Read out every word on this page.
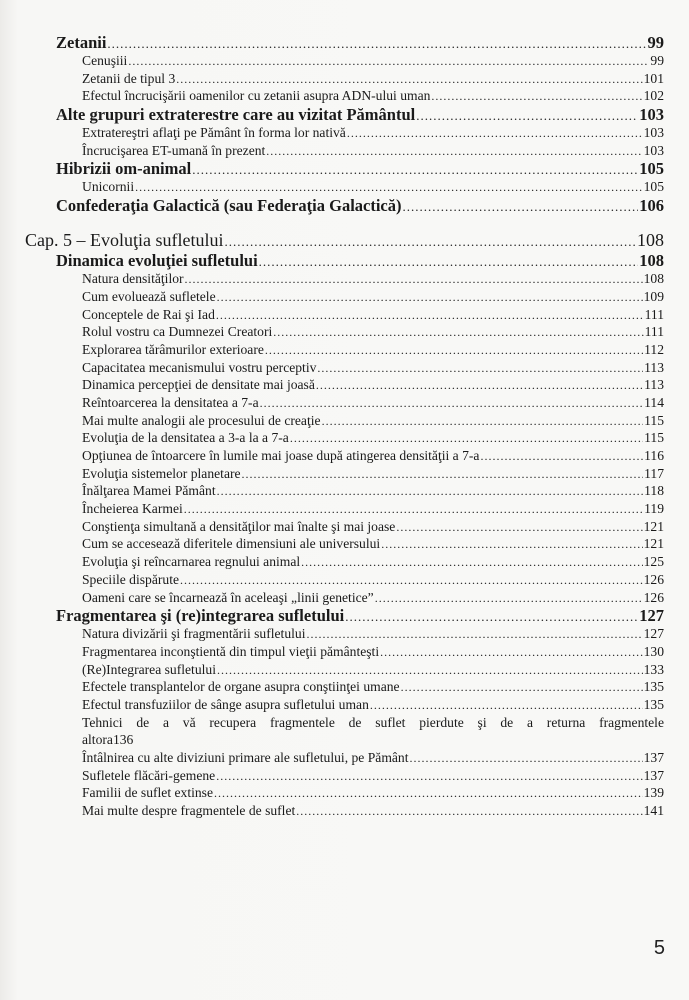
Zetanii .....	99
Cenuşiii .....	99
Zetanii de tipul 3 .....	101
Efectul încrucişării oamenilor cu zetanii asupra ADN-ului uman .....	102
Alte grupuri extraterestre care au vizitat Pământul .....	103
Extratereştri aflaţi pe Pământ în forma lor nativă .....	103
Încrucişarea ET-umană în prezent .....	103
Hibrizii om-animal .....	105
Unicornii .....	105
Confederaţia Galactică (sau Federaţia Galactică) .....	106
Cap. 5 – Evoluţia sufletului .....	108
Dinamica evoluţiei sufletului .....	108
Natura densităţilor .....	108
Cum evoluează sufletele .....	109
Conceptele de Rai şi Iad .....	111
Rolul vostru ca Dumnezei Creatori .....	111
Explorarea tărâmurilor exterioare .....	112
Capacitatea mecanismului vostru perceptiv .....	113
Dinamica percepţiei de densitate mai joasă .....	113
Reîntoarcerea la densitatea a 7-a .....	114
Mai multe analogii ale procesului de creaţie .....	115
Evoluţia de la densitatea a 3-a la a 7-a .....	115
Opţiunea de întoarcere în lumile mai joase după atingerea densităţii a 7-a .....	116
Evoluţia sistemelor planetare .....	117
Înălţarea Mamei Pământ .....	118
Încheierea Karmei .....	119
Conştienţa simultană a densităţilor mai înalte şi mai joase .....	121
Cum se accesează diferitele dimensiuni ale universului .....	121
Evoluţia şi reîncarnarea regnului animal .....	125
Speciile dispărute .....	126
Oameni care se încarnează în aceleaşi „linii genetice” .....	126
Fragmentarea şi (re)integrarea sufletului .....	127
Natura divizării şi fragmentării sufletului .....	127
Fragmentarea inconştientă din timpul vieţii pământeşti .....	130
(Re)Integrarea sufletului .....	133
Efectele transplantelor de organe asupra conştiinţei umane .....	135
Efectul transfuziilor de sânge asupra sufletului uman .....	135
Tehnici de a vă recupera fragmentele de suflet pierdute şi de a returna fragmentele
altora 136
Întâlnirea cu alte diviziuni primare ale sufletului, pe Pământ .....	137
Sufletele flăcări-gemene .....	137
Familii de suflet extinse .....	139
Mai multe despre fragmentele de suflet .....	141
5
